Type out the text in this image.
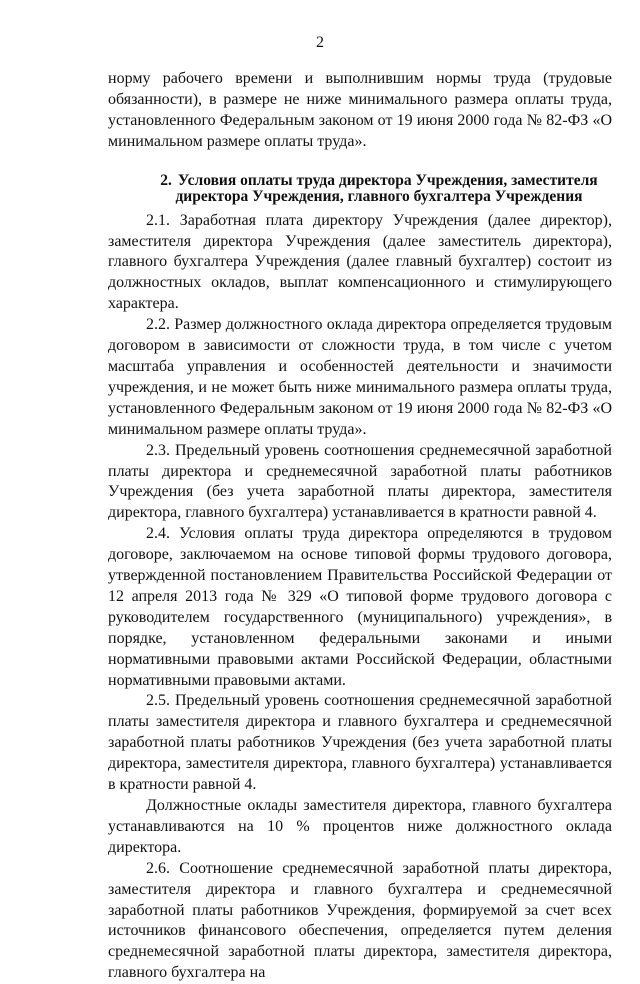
2

норму рабочего времени и выполнившим нормы труда (трудовые обязанности), в размере не ниже минимального размера оплаты труда, установленного Федеральным законом от 19 июня 2000 года № 82-ФЗ «О минимальном размере оплаты труда».

2. Условия оплаты труда директора Учреждения, заместителя директора Учреждения, главного бухгалтера Учреждения

2.1. Заработная плата директору Учреждения (далее директор), заместителя директора Учреждения (далее заместитель директора), главного бухгалтера Учреждения (далее главный бухгалтер) состоит из должностных окладов, выплат компенсационного и стимулирующего характера.

2.2. Размер должностного оклада директора определяется трудовым договором в зависимости от сложности труда, в том числе с учетом масштаба управления и особенностей деятельности и значимости учреждения, и не может быть ниже минимального размера оплаты труда, установленного Федеральным законом от 19 июня 2000 года № 82-ФЗ «О минимальном размере оплаты труда».

2.3. Предельный уровень соотношения среднемесячной заработной платы директора и среднемесячной заработной платы работников Учреждения (без учета заработной платы директора, заместителя директора, главного бухгалтера) устанавливается в кратности равной 4.

2.4. Условия оплаты труда директора определяются в трудовом договоре, заключаемом на основе типовой формы трудового договора, утвержденной постановлением Правительства Российской Федерации от 12 апреля 2013 года № 329 «О типовой форме трудового договора с руководителем государственного (муниципального) учреждения», в порядке, установленном федеральными законами и иными нормативными правовыми актами Российской Федерации, областными нормативными правовыми актами.

2.5. Предельный уровень соотношения среднемесячной заработной платы заместителя директора и главного бухгалтера и среднемесячной заработной платы работников Учреждения (без учета заработной платы директора, заместителя директора, главного бухгалтера) устанавливается в кратности равной 4.

Должностные оклады заместителя директора, главного бухгалтера устанавливаются на 10 % процентов ниже должностного оклада директора.

2.6. Соотношение среднемесячной заработной платы директора, заместителя директора и главного бухгалтера и среднемесячной заработной платы работников Учреждения, формируемой за счет всех источников финансового обеспечения, определяется путем деления среднемесячной заработной платы директора, заместителя директора, главного бухгалтера на
